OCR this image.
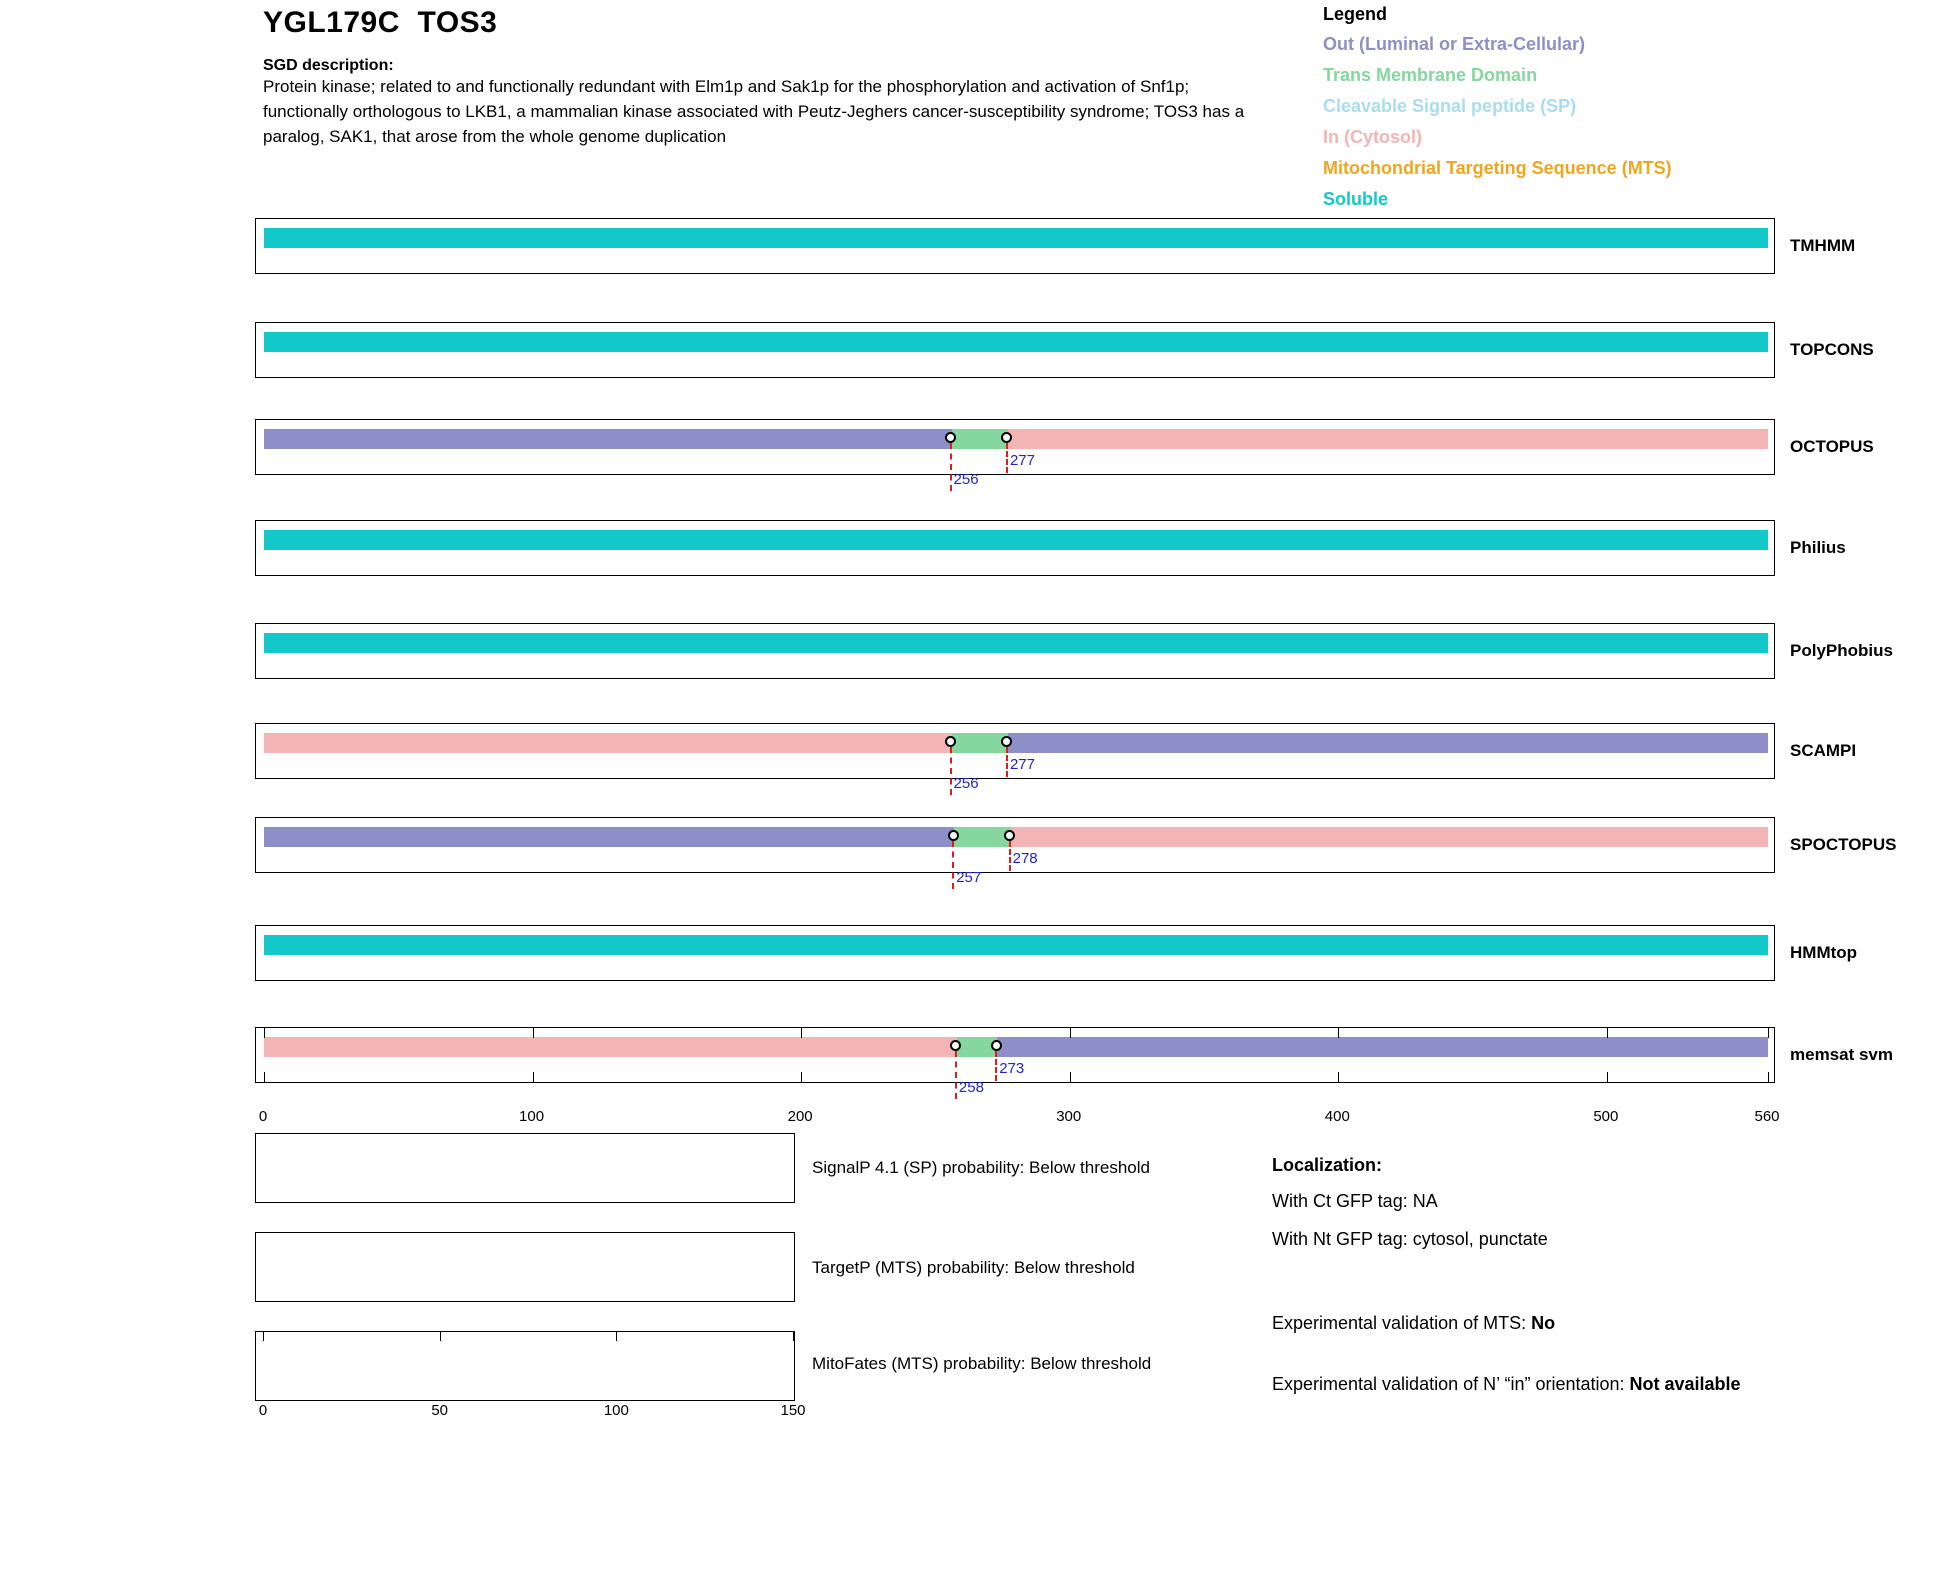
YGL179C  TOS3
SGD description:
Protein kinase; related to and functionally redundant with Elm1p and Sak1p for the phosphorylation and activation of Snf1p; functionally orthologous to LKB1, a mammalian kinase associated with Peutz-Jeghers cancer-susceptibility syndrome; TOS3 has a paralog, SAK1, that arose from the whole genome duplication
Legend
Out (Luminal or Extra-Cellular)
Trans Membrane Domain
Cleavable Signal peptide (SP)
In (Cytosol)
Mitochondrial Targeting Sequence (MTS)
Soluble
TMHMM
TOPCONS
256
277
OCTOPUS
Philius
PolyPhobius
256
277
SCAMPI
257
278
SPOCTOPUS
HMMtop
258
273
memsat svm
0	100	200	300	400	500	560
SignalP 4.1 (SP) probability: Below threshold
TargetP (MTS) probability: Below threshold
MitoFates (MTS) probability: Below threshold
0	50	100	150
Localization:
With Ct GFP tag: NA
With Nt GFP tag: cytosol, punctate
Experimental validation of MTS: No
Experimental validation of N’ “in” orientation: Not available
